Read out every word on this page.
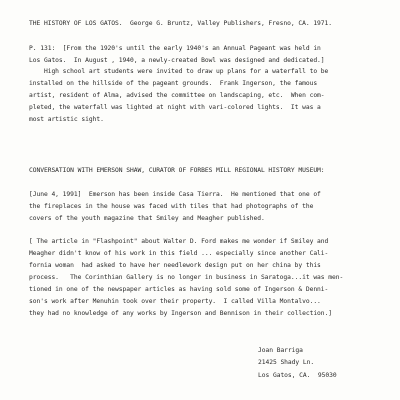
THE HISTORY OF LOS GATOS.  George G. Bruntz, Valley Publishers, Fresno, CA. 1971.

P. 131:  [From the 1920's until the early 1940's an Annual Pageant was held in

Los Gatos.  In August , 1940, a newly-created Bowl was designed and dedicated.]

High school art students were invited to draw up plans for a waterfall to be

installed on the hillside of the pageant grounds.  Frank Ingerson, the famous

artist, resident of Alma, advised the committee on landscaping, etc.  When com-

pleted, the waterfall was lighted at night with vari-colored lights.  It was a

most artistic sight.

CONVERSATION WITH EMERSON SHAW, CURATOR OF FORBES MILL REGIONAL HISTORY MUSEUM:

[June 4, 1991]  Emerson has been inside Casa Tierra.  He mentioned that one of

the fireplaces in the house was faced with tiles that had photographs of the

covers of the youth magazine that Smiley and Meagher published.

[ The article in "Flashpoint" about Walter D. Ford makes me wonder if Smiley and

Meagher didn't know of his work in this field ... especially since another Cali-

fornia woman  had asked to have her needlework design put on her china by this

process.   The Corinthian Gallery is no longer in business in Saratoga...it was men-

tioned in one of the newspaper articles as having sold some of Ingerson & Denni-

son's work after Menuhin took over their property.  I called Villa Montalvo...

they had no knowledge of any works by Ingerson and Bennison in their collection.]

Joan Barriga

21425 Shady Ln.

Los Gatos, CA.  95030
